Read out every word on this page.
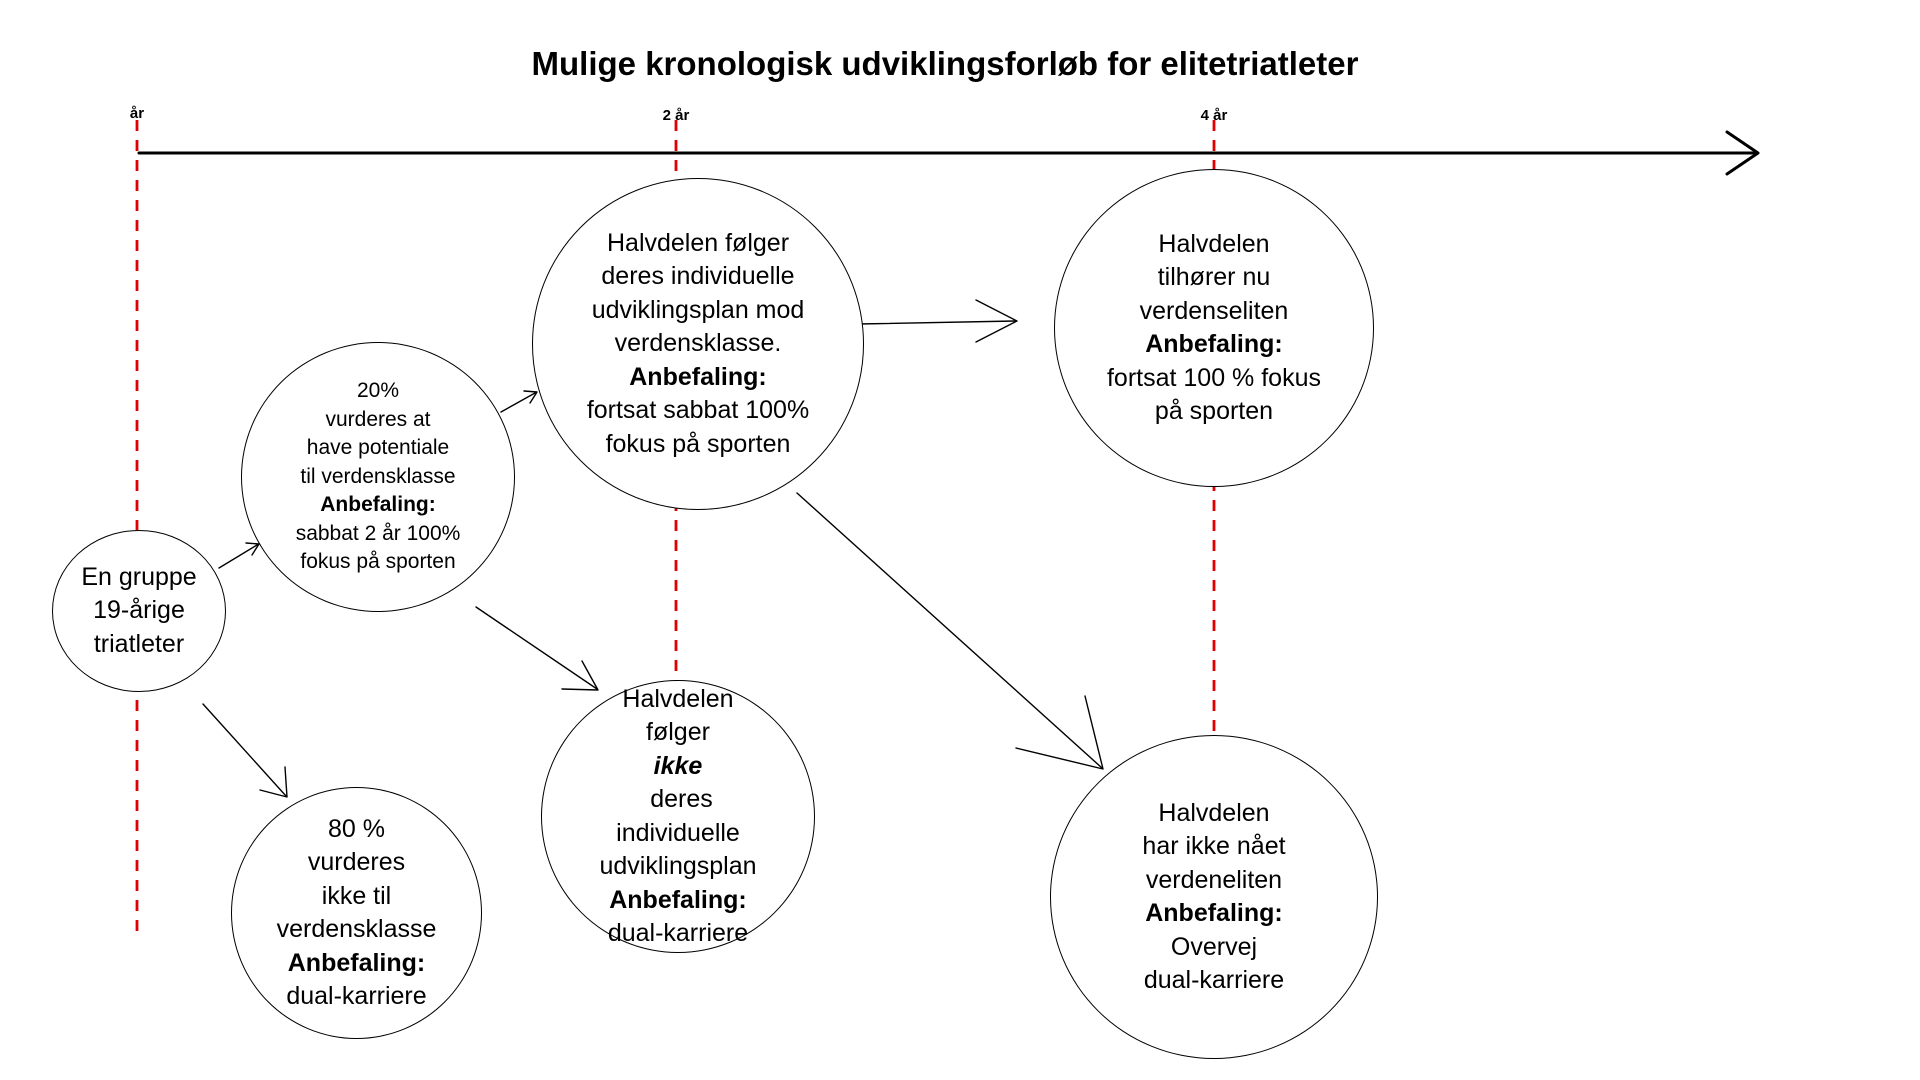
Mulige kronologisk udviklingsforløb for elitetriatleter
år	2 år	4 år
En gruppe
19-årige
triatleter
20%
vurderes at
have potentiale
til verdensklasse
Anbefaling:
sabbat 2 år 100%
fokus på sporten
80 %
vurderes
ikke til
verdensklasse
Anbefaling:
dual-karriere
Halvdelen følger
deres individuelle
udviklingsplan mod
verdensklasse.
Anbefaling:
fortsat sabbat 100%
fokus på sporten
Halvdelen
følger
ikke
deres
individuelle
udviklingsplan
Anbefaling:
dual-karriere
Halvdelen
tilhører nu
verdenseliten
Anbefaling:
fortsat 100 % fokus
på sporten
Halvdelen
har ikke nået
verdeneliten
Anbefaling:
Overvej
dual-karriere
